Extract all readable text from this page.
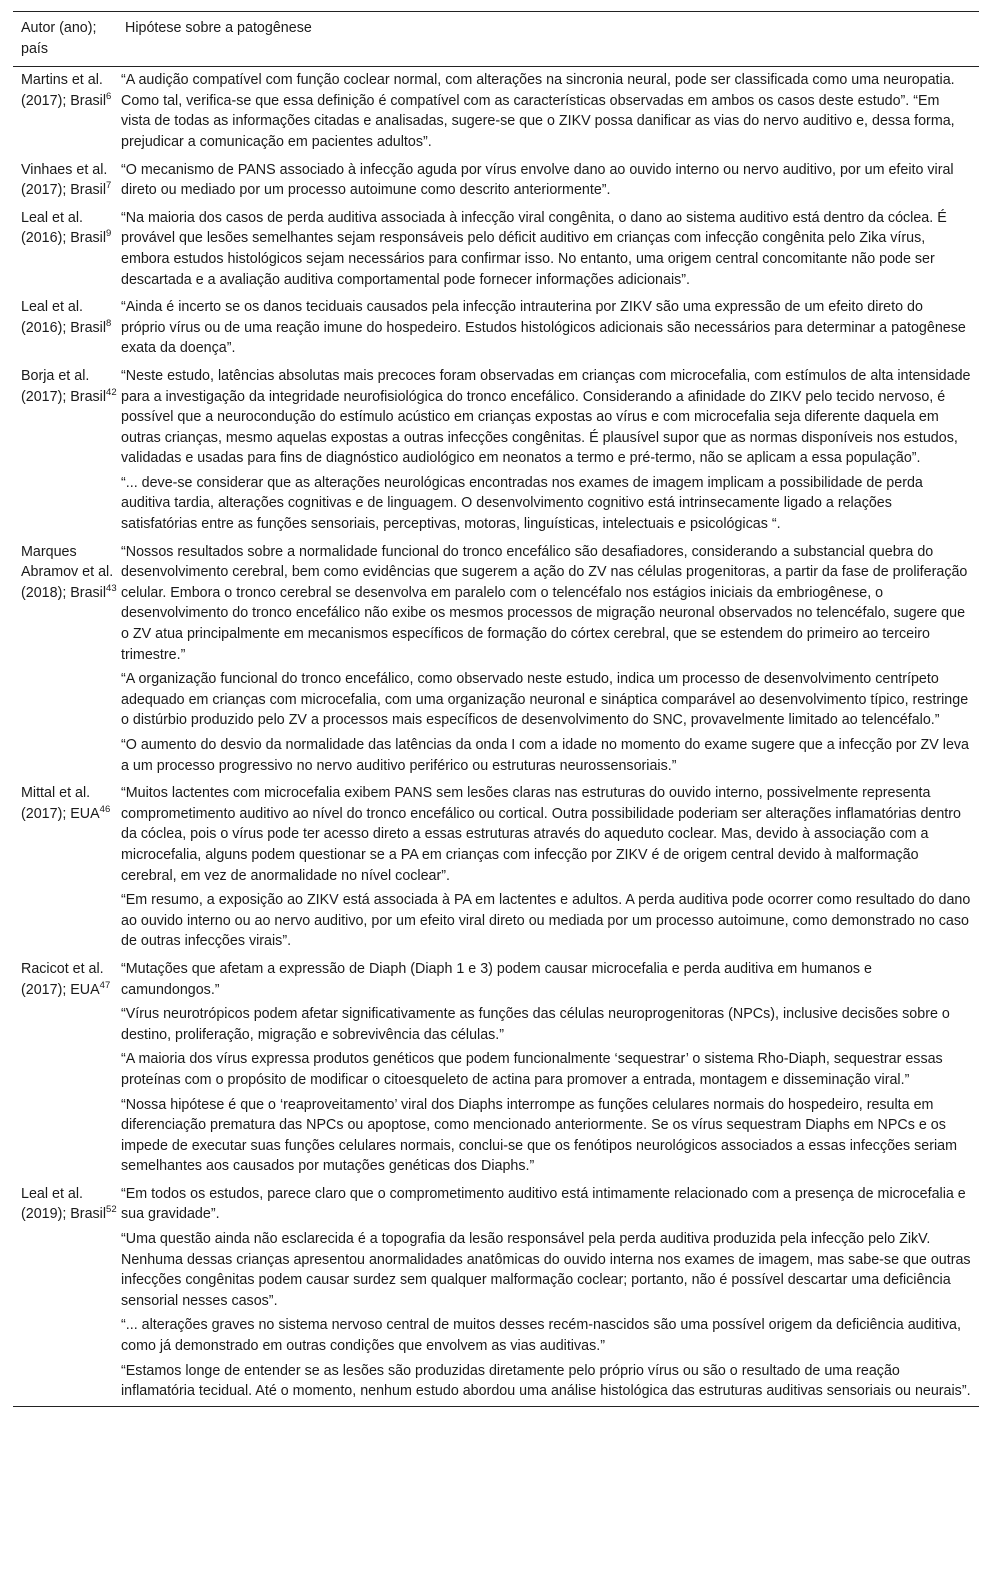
Autor (ano); país	Hipótese sobre a patogênese
Martins et al. (2017); Brasil$^6$	“A audição compatível com função coclear normal, com alterações na sincronia neural, pode ser classificada como uma neuropatia. Como tal, verifica-se que essa definição é compatível com as características observadas em ambos os casos deste estudo”. “Em vista de todas as informações citadas e analisadas, sugere-se que o ZIKV possa danificar as vias do nervo auditivo e, dessa forma, prejudicar a comunicação em pacientes adultos”.

Vinhaes et al. (2017); Brasil$^7$	“O mecanismo de PANS associado à infecção aguda por vírus envolve dano ao ouvido interno ou nervo auditivo, por um efeito viral direto ou mediado por um processo autoimune como descrito anteriormente”.

Leal et al. (2016); Brasil$^9$	“Na maioria dos casos de perda auditiva associada à infecção viral congênita, o dano ao sistema auditivo está dentro da cóclea. É provável que lesões semelhantes sejam responsáveis pelo déficit auditivo em crianças com infecção congênita pelo Zika vírus, embora estudos histológicos sejam necessários para confirmar isso. No entanto, uma origem central concomitante não pode ser descartada e a avaliação auditiva comportamental pode fornecer informações adicionais”.

Leal et al. (2016); Brasil$^8$	“Ainda é incerto se os danos teciduais causados pela infecção intrauterina por ZIKV são uma expressão de um efeito direto do próprio vírus ou de uma reação imune do hospedeiro. Estudos histológicos adicionais são necessários para determinar a patogênese exata da doença”.

Borja et al. (2017); Brasil$^{42}$	“Neste estudo, latências absolutas mais precoces foram observadas em crianças com microcefalia, com estímulos de alta intensidade para a investigação da integridade neurofisiológica do tronco encefálico. Considerando a afinidade do ZIKV pelo tecido nervoso, é possível que a neurocondução do estímulo acústico em crianças expostas ao vírus e com microcefalia seja diferente daquela em outras crianças, mesmo aquelas expostas a outras infecções congênitas. É plausível supor que as normas disponíveis nos estudos, validadas e usadas para fins de diagnóstico audiológico em neonatos a termo e pré-termo, não se aplicam a essa população”.
“... deve-se considerar que as alterações neurológicas encontradas nos exames de imagem implicam a possibilidade de perda auditiva tardia, alterações cognitivas e de linguagem. O desenvolvimento cognitivo está intrinsecamente ligado a relações satisfatórias entre as funções sensoriais, perceptivas, motoras, linguísticas, intelectuais e psicológicas “.

Marques Abramov et al. (2018); Brasil$^{43}$	“Nossos resultados sobre a normalidade funcional do tronco encefálico são desafiadores, considerando a substancial quebra do desenvolvimento cerebral, bem como evidências que sugerem a ação do ZV nas células progenitoras, a partir da fase de proliferação celular. Embora o tronco cerebral se desenvolva em paralelo com o telencéfalo nos estágios iniciais da embriogênese, o desenvolvimento do tronco encefálico não exibe os mesmos processos de migração neuronal observados no telencéfalo, sugere que o ZV atua principalmente em mecanismos específicos de formação do córtex cerebral, que se estendem do primeiro ao terceiro trimestre.”
“A organização funcional do tronco encefálico, como observado neste estudo, indica um processo de desenvolvimento centrípeto adequado em crianças com microcefalia, com uma organização neuronal e sináptica comparável ao desenvolvimento típico, restringe o distúrbio produzido pelo ZV a processos mais específicos de desenvolvimento do SNC, provavelmente limitado ao telencéfalo.”
“O aumento do desvio da normalidade das latências da onda I com a idade no momento do exame sugere que a infecção por ZV leva a um processo progressivo no nervo auditivo periférico ou estruturas neurossensoriais.”

Mittal et al. (2017); EUA$^{46}$	“Muitos lactentes com microcefalia exibem PANS sem lesões claras nas estruturas do ouvido interno, possivelmente representa comprometimento auditivo ao nível do tronco encefálico ou cortical. Outra possibilidade poderiam ser alterações inflamatórias dentro da cóclea, pois o vírus pode ter acesso direto a essas estruturas através do aqueduto coclear. Mas, devido à associação com a microcefalia, alguns podem questionar se a PA em crianças com infecção por ZIKV é de origem central devido à malformação cerebral, em vez de anormalidade no nível coclear”.
“Em resumo, a exposição ao ZIKV está associada à PA em lactentes e adultos. A perda auditiva pode ocorrer como resultado do dano ao ouvido interno ou ao nervo auditivo, por um efeito viral direto ou mediada por um processo autoimune, como demonstrado no caso de outras infecções virais”.

Racicot et al. (2017); EUA$^{47}$	“Mutações que afetam a expressão de Diaph (Diaph 1 e 3) podem causar microcefalia e perda auditiva em humanos e camundongos.”
“Vírus neurotrópicos podem afetar significativamente as funções das células neuroprogenitoras (NPCs), inclusive decisões sobre o destino, proliferação, migração e sobrevivência das células.”
“A maioria dos vírus expressa produtos genéticos que podem funcionalmente ‘sequestrar’ o sistema Rho-Diaph, sequestrar essas proteínas com o propósito de modificar o citoesqueleto de actina para promover a entrada, montagem e disseminação viral.”
“Nossa hipótese é que o ‘reaproveitamento’ viral dos Diaphs interrompe as funções celulares normais do hospedeiro, resulta em diferenciação prematura das NPCs ou apoptose, como mencionado anteriormente. Se os vírus sequestram Diaphs em NPCs e os impede de executar suas funções celulares normais, conclui-se que os fenótipos neurológicos associados a essas infecções seriam semelhantes aos causados por mutações genéticas dos Diaphs.”

Leal et al. (2019); Brasil$^{52}$	“Em todos os estudos, parece claro que o comprometimento auditivo está intimamente relacionado com a presença de microcefalia e sua gravidade”.
“Uma questão ainda não esclarecida é a topografia da lesão responsável pela perda auditiva produzida pela infecção pelo ZikV. Nenhuma dessas crianças apresentou anormalidades anatômicas do ouvido interna nos exames de imagem, mas sabe-se que outras infecções congênitas podem causar surdez sem qualquer malformação coclear; portanto, não é possível descartar uma deficiência sensorial nesses casos”.
“... alterações graves no sistema nervoso central de muitos desses recém-nascidos são uma possível origem da deficiência auditiva, como já demonstrado em outras condições que envolvem as vias auditivas.”
“Estamos longe de entender se as lesões são produzidas diretamente pelo próprio vírus ou são o resultado de uma reação inflamatória tecidual. Até o momento, nenhum estudo abordou uma análise histológica das estruturas auditivas sensoriais ou neurais”.
